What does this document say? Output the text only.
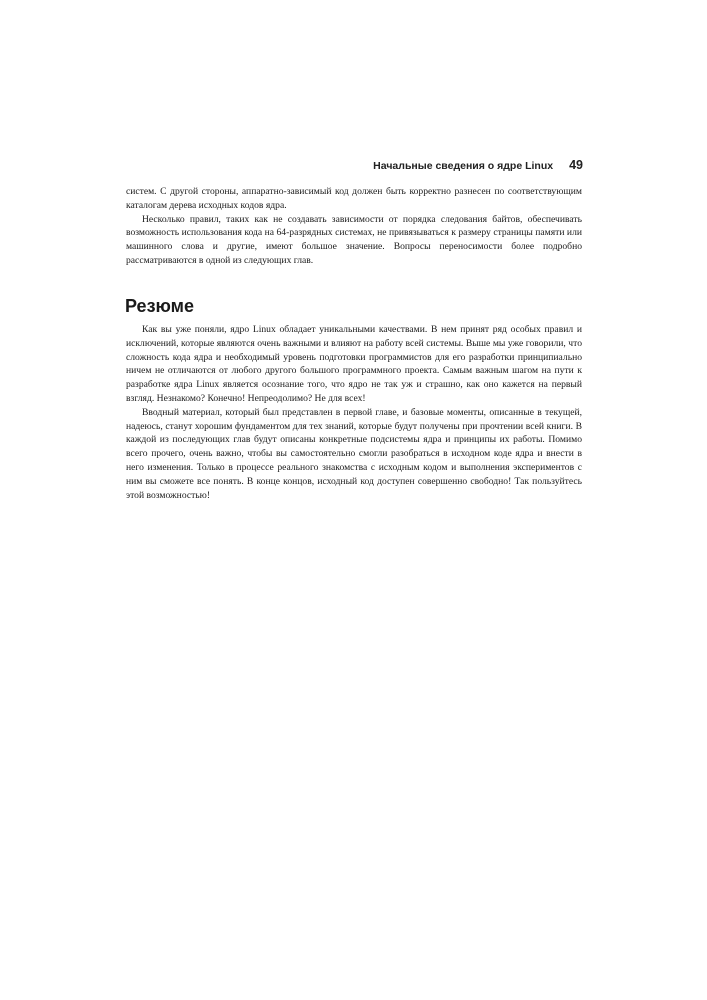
Начальные сведения о ядре Linux 49

систем. С другой стороны, аппаратно-зависимый код должен быть корректно разнесен по соответствующим каталогам дерева исходных кодов ядра.

Несколько правил, таких как не создавать зависимости от порядка следования байтов, обеспечивать возможность использования кода на 64-разрядных системах, не привязываться к размеру страницы памяти или машинного слова и другие, имеют большое значение. Вопросы переносимости более подробно рассматриваются в одной из следующих глав.

Резюме

Как вы уже поняли, ядро Linux обладает уникальными качествами. В нем принят ряд особых правил и исключений, которые являются очень важными и влияют на работу всей системы. Выше мы уже говорили, что сложность кода ядра и необходимый уровень подготовки программистов для его разработки принципиально ничем не отличаются от любого другого большого программного проекта. Самым важным шагом на пути к разработке ядра Linux является осознание того, что ядро не так уж и страшно, как оно кажется на первый взгляд. Незнакомо? Конечно! Непреодолимо? Не для всех!

Вводный материал, который был представлен в первой главе, и базовые моменты, описанные в текущей, надеюсь, станут хорошим фундаментом для тех знаний, которые будут получены при прочтении всей книги. В каждой из последующих глав будут описаны конкретные подсистемы ядра и принципы их работы. Помимо всего прочего, очень важно, чтобы вы самостоятельно смогли разобраться в исходном коде ядра и внести в него изменения. Только в процессе реального знакомства с исходным кодом и выполнения экспериментов с ним вы сможете все понять. В конце концов, исходный код доступен совершенно свободно! Так пользуйтесь этой возможностью!
